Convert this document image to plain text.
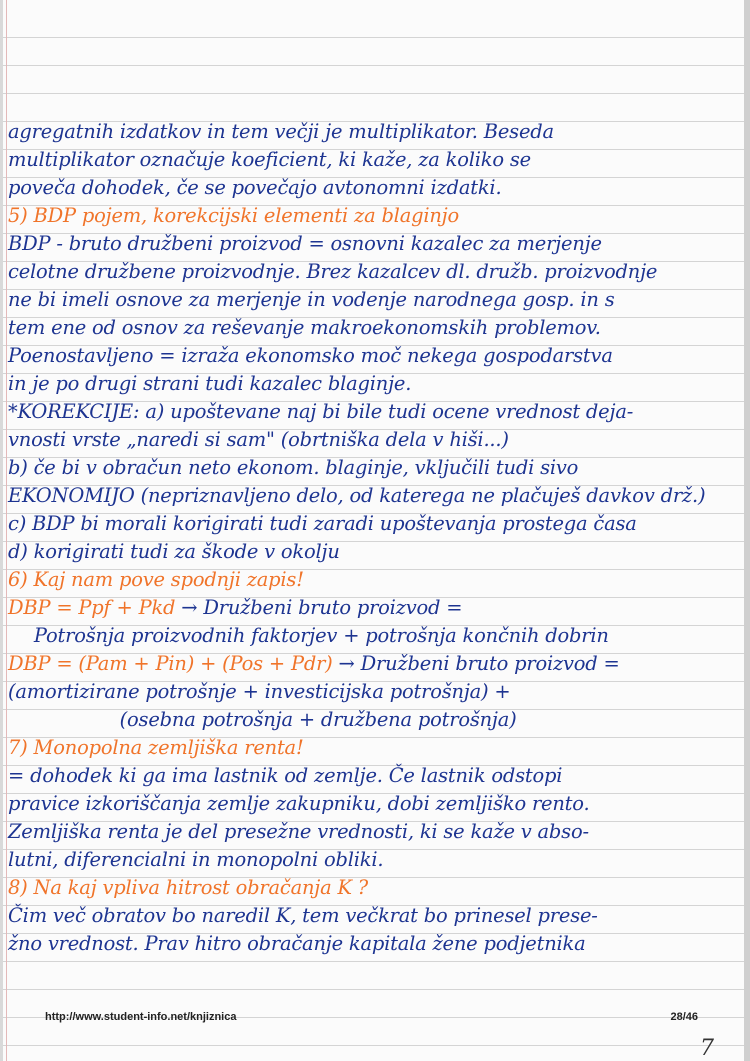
agregatnih izdatkov in tem večji je multiplikator. Beseda
multiplikator označuje koeficient, ki kaže, za koliko se
poveča dohodek, če se povečajo avtonomni izdatki.
5) BDP pojem, korekcijski elementi za blaginjo
BDP - bruto družbeni proizvod = osnovni kazalec za merjenje
celotne družbene proizvodnje. Brez kazalcev dl. družb. proizvodnje
ne bi imeli osnove za merjenje in vodenje narodnega gosp. in s
tem ene od osnov za reševanje makroekonomskih problemov.
Poenostavljeno = izraža ekonomsko moč nekega gospodarstva
in je po drugi strani tudi kazalec blaginje.
*KOREKCIJE: a) upoštevane naj bi bile tudi ocene vrednost deja-
vnosti vrste „naredi si sam" (obrtniška dela v hiši...)
b) če bi v obračun neto ekonom. blaginje, vključili tudi sivo
EKONOMIJO (nepriznavljeno delo, od katerega ne plačuješ davkov drž.)
c) BDP bi morali korigirati tudi zaradi upoštevanja prostega časa
d) korigirati tudi za škode v okolju
6) Kaj nam pove spodnji zapis!
DBP = Ppf + Pkd → Družbeni bruto proizvod =
Potrošnja proizvodnih faktorjev + potrošnja končnih dobrin
DBP = (Pam + Pin) + (Pos + Pdr) → Družbeni bruto proizvod =
(amortizirane potrošnje + investicijska potrošnja) +
(osebna potrošnja + družbena potrošnja)
7) Monopolna zemljiška renta!
= dohodek ki ga ima lastnik od zemlje. Če lastnik odstopi
pravice izkoriščanja zemlje zakupniku, dobi zemljiško rento.
Zemljiška renta je del presežne vrednosti, ki se kaže v abso-
lutni, diferencialni in monopolni obliki.
8) Na kaj vpliva hitrost obračanja K ?
Čim več obratov bo naredil K, tem večkrat bo prinesel prese-
žno vrednost. Prav hitro obračanje kapitala žene podjetnika
http://www.student-info.net/knjiznica	28/46
7
